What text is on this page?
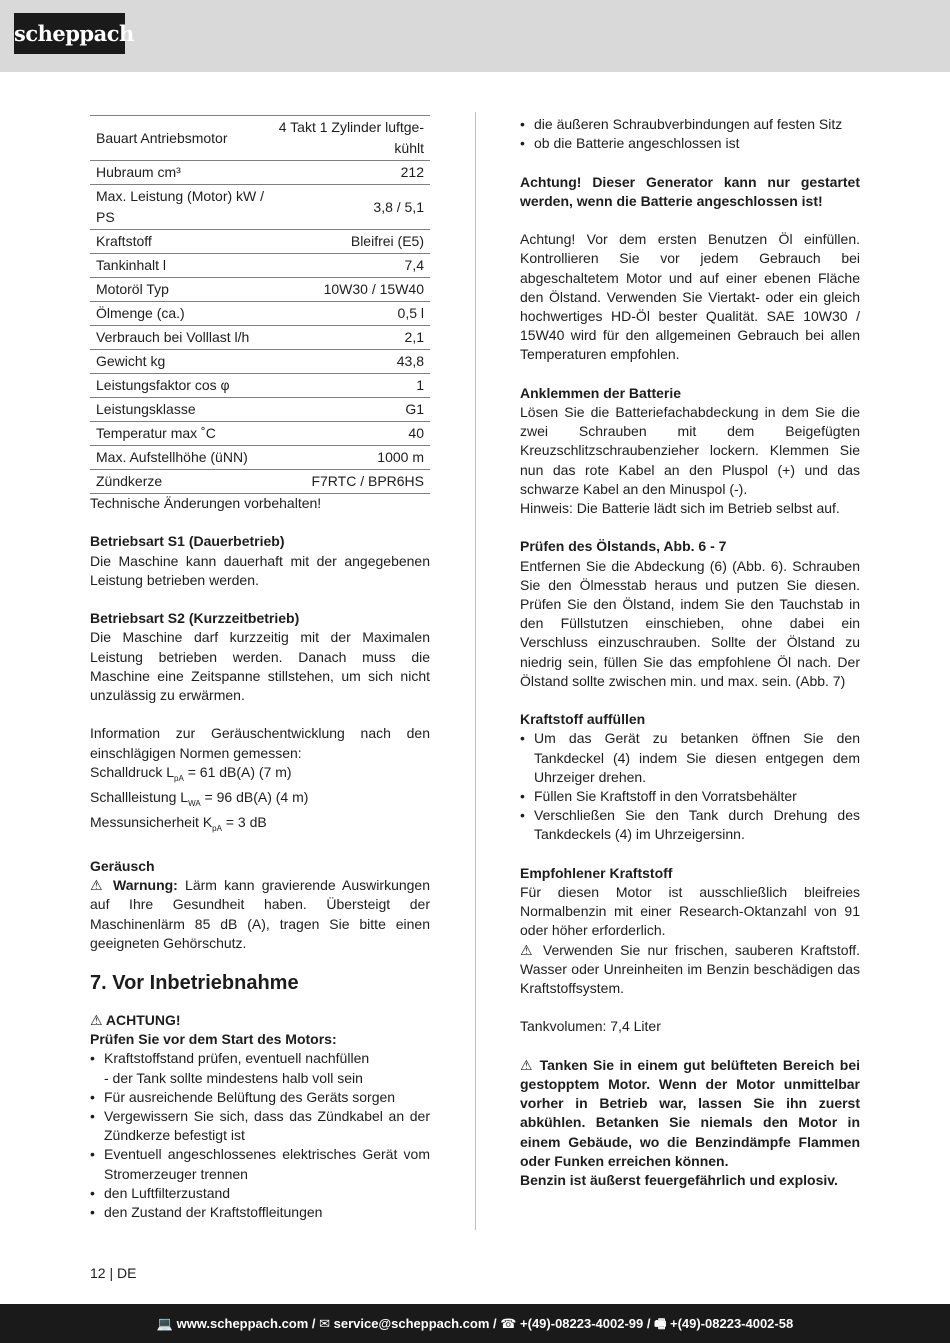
scheppach
Bauart Antriebsmotor	4 Takt 1 Zylinder luftge-kühlt
Hubraum cm³	212
Max. Leistung (Motor) kW / PS	3,8 / 5,1
Kraftstoff	Bleifrei (E5)
Tankinhalt l	7,4
Motoröl Typ	10W30 / 15W40
Ölmenge (ca.)	0,5 l
Verbrauch bei Volllast l/h	2,1
Gewicht kg	43,8
Leistungsfaktor cos φ	1
Leistungsklasse	G1
Temperatur max ˚C	40
Max. Aufstellhöhe (üNN)	1000 m
Zündkerze	F7RTC / BPR6HS

Technische Änderungen vorbehalten!

Betriebsart S1 (Dauerbetrieb)

Die Maschine kann dauerhaft mit der angegebenen Leistung betrieben werden.

Betriebsart S2 (Kurzzeitbetrieb)

Die Maschine darf kurzzeitig mit der Maximalen Leistung betrieben werden. Danach muss die Maschine eine Zeitspanne stillstehen, um sich nicht unzulässig zu erwärmen.

Information zur Geräuschentwicklung nach den einschlägigen Normen gemessen:

Schalldruck $L_{pA} = 61$ dB(A) (7 m)

Schallleistung $L_{WA} = 96$ dB(A) (4 m)

Messunsicherheit $K_{pA} = 3$ dB

Geräusch

⚠ Warnung: Lärm kann gravierende Auswirkungen auf Ihre Gesundheit haben. Übersteigt der Maschinenlärm 85 dB (A), tragen Sie bitte einen geeigneten Gehörschutz.

7. Vor Inbetriebnahme

⚠ ACHTUNG!

Prüfen Sie vor dem Start des Motors:

• Kraftstoffstand prüfen, eventuell nachfüllen
- der Tank sollte mindestens halb voll sein
• Für ausreichende Belüftung des Geräts sorgen
• Vergewissern Sie sich, dass das Zündkabel an der Zündkerze befestigt ist
• Eventuell angeschlossenes elektrisches Gerät vom Stromerzeuger trennen
• den Luftfilterzustand
• den Zustand der Kraftstoffleitungen
• die äußeren Schraubverbindungen auf festen Sitz
• ob die Batterie angeschlossen ist

Achtung! Dieser Generator kann nur gestartet werden, wenn die Batterie angeschlossen ist!

Achtung! Vor dem ersten Benutzen Öl einfüllen. Kontrollieren Sie vor jedem Gebrauch bei abgeschaltetem Motor und auf einer ebenen Fläche den Ölstand. Verwenden Sie Viertakt- oder ein gleich hochwertiges HD-Öl bester Qualität. SAE 10W30 / 15W40 wird für den allgemeinen Gebrauch bei allen Temperaturen empfohlen.

Anklemmen der Batterie

Lösen Sie die Batteriefachabdeckung in dem Sie die zwei Schrauben mit dem Beigefügten Kreuzschlitzschraubenzieher lockern. Klemmen Sie nun das rote Kabel an den Pluspol (+) und das schwarze Kabel an den Minuspol (-).

Hinweis: Die Batterie lädt sich im Betrieb selbst auf.

Prüfen des Ölstands, Abb. 6 - 7

Entfernen Sie die Abdeckung (6) (Abb. 6). Schrauben Sie den Ölmesstab heraus und putzen Sie diesen. Prüfen Sie den Ölstand, indem Sie den Tauchstab in den Füllstutzen einschieben, ohne dabei ein Verschluss einzuschrauben. Sollte der Ölstand zu niedrig sein, füllen Sie das empfohlene Öl nach. Der Ölstand sollte zwischen min. und max. sein. (Abb. 7)

Kraftstoff auffüllen

• Um das Gerät zu betanken öffnen Sie den Tankdeckel (4) indem Sie diesen entgegen dem Uhrzeiger drehen.
• Füllen Sie Kraftstoff in den Vorratsbehälter
• Verschließen Sie den Tank durch Drehung des Tankdeckels (4) im Uhrzeigersinn.

Empfohlener Kraftstoff

Für diesen Motor ist ausschließlich bleifreies Normalbenzin mit einer Research-Oktanzahl von 91 oder höher erforderlich.

⚠ Verwenden Sie nur frischen, sauberen Kraftstoff. Wasser oder Unreinheiten im Benzin beschädigen das Kraftstoffsystem.

Tankvolumen: 7,4 Liter

⚠ Tanken Sie in einem gut belüfteten Bereich bei gestopptem Motor. Wenn der Motor unmittelbar vorher in Betrieb war, lassen Sie ihn zuerst abkühlen. Betanken Sie niemals den Motor in einem Gebäude, wo die Benzindämpfe Flammen oder Funken erreichen können.

Benzin ist äußerst feuergefährlich und explosiv.

12 | DE
💻 www.scheppach.com / ✉ service@scheppach.com / ☎ +(49)-08223-4002-99 / 🖷 +(49)-08223-4002-58
